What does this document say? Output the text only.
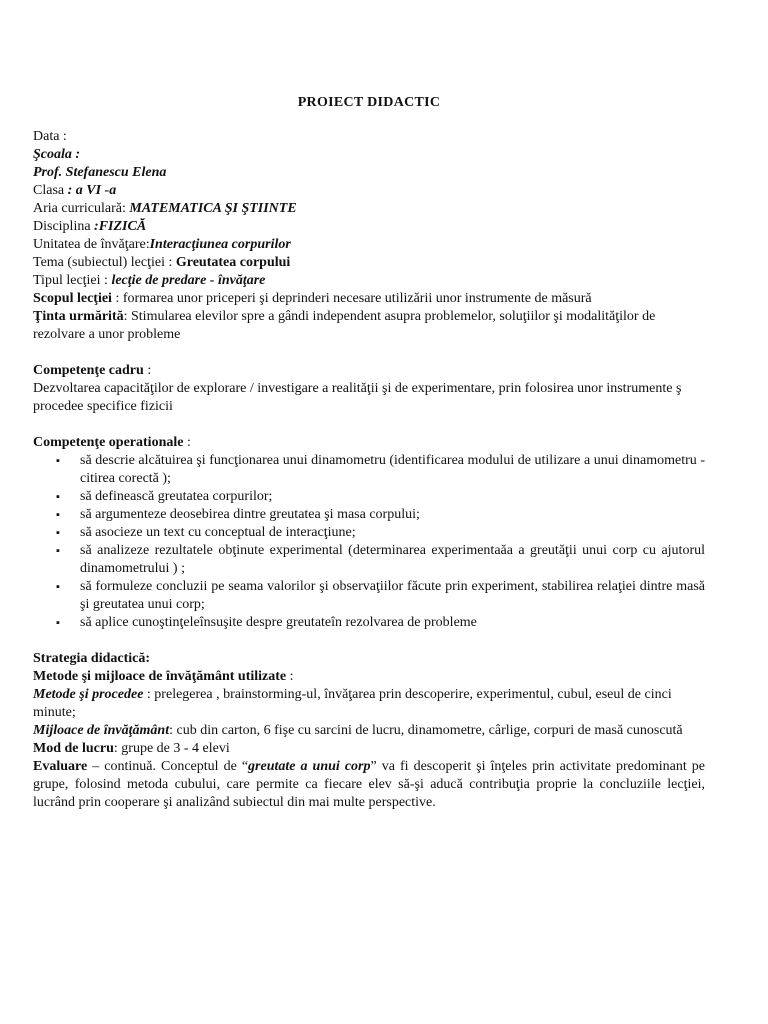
PROIECT DIDACTIC

Data :

Şcoala :

Prof. Stefanescu Elena

Clasa : a VI -a

Aria curriculară: MATEMATICA ŞI ŞTIINTE

Disciplina :FIZICĂ

Unitatea de învăţare:Interacţiunea corpurilor

Tema (subiectul) lecţiei : Greutatea corpului

Tipul lecţiei : lecţie de predare - învăţare

Scopul lecţiei : formarea unor priceperi şi deprinderi necesare utilizării unor instrumente de măsură

Ţinta urmărită: Stimularea elevilor spre a gândi independent asupra problemelor, soluţiilor şi modalităţilor de rezolvare a unor probleme

Competenţe cadru :

Dezvoltarea capacităţilor de explorare / investigare a realităţii şi de experimentare, prin folosirea unor instrumente ş procedee specifice fizicii

Competenţe operationale :

▪ să descrie alcătuirea şi funcţionarea unui dinamometru (identificarea modului de utilizare a unui dinamometru - citirea corectă );
▪ să definească greutatea corpurilor;
▪ să argumenteze deosebirea dintre greutatea şi masa corpului;
▪ să asocieze un text cu conceptual de interacţiune;
▪ să analizeze rezultatele obţinute experimental (determinarea experimentaăa a greutăţii unui corp cu ajutorul dinamometrului ) ;
▪ să formuleze concluzii pe seama valorilor şi observaţiilor făcute prin experiment, stabilirea relaţiei dintre masă şi greutatea unui corp;
▪ să aplice cunoştinţeleînsuşite despre greutateîn rezolvarea de probleme

Strategia didactică:

Metode şi mijloace de învăţământ utilizate :

Metode şi procedee : prelegerea , brainstorming-ul, învăţarea prin descoperire, experimentul, cubul, eseul de cinci minute;

Mijloace de învăţământ: cub din carton, 6 fişe cu sarcini de lucru, dinamometre, cârlige, corpuri de masă cunoscută

Mod de lucru: grupe de 3 - 4 elevi

Evaluare – continuă. Conceptul de “greutate a unui corp” va fi descoperit şi înţeles prin activitate predominant pe grupe, folosind metoda cubului, care permite ca fiecare elev să-şi aducă contribuţia proprie la concluziile lecţiei, lucrând prin cooperare şi analizând subiectul din mai multe perspective.
